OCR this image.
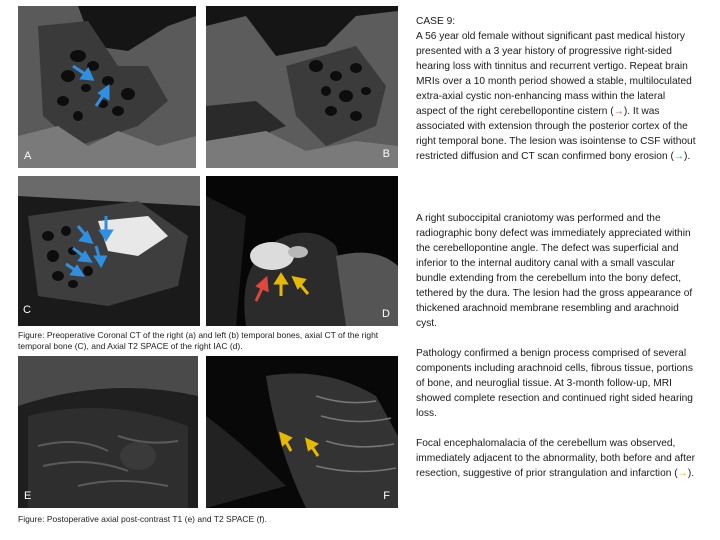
A	B
C	D
Figure: Preoperative Coronal CT of the right (a) and left (b) temporal bones, axial CT of the right temporal bone (C), and Axial T2 SPACE of the right IAC (d).
E	F
Figure: Postoperative axial post-contrast T1 (e) and T2 SPACE (f).

CASE 9:
A 56 year old female without significant past medical history presented with a 3 year history of progressive right-sided hearing loss with tinnitus and recurrent vertigo. Repeat brain MRIs over a 10 month period showed a stable, multiloculated extra-axial cystic non-enhancing mass within the lateral aspect of the right cerebellopontine cistern (→). It was associated with extension through the posterior cortex of the right temporal bone. The lesion was isointense to CSF without restricted diffusion and CT scan confirmed bony erosion (→).

A right suboccipital craniotomy was performed and the radiographic bony defect was immediately appreciated within the cerebellopontine angle. The defect was superficial and inferior to the internal auditory canal with a small vascular bundle extending from the cerebellum into the bony defect, tethered by the dura. The lesion had the gross appearance of thickened arachnoid membrane resembling and arachnoid cyst.
Pathology confirmed a benign process comprised of several components including arachnoid cells, fibrous tissue, portions of bone, and neuroglial tissue. At 3-month follow-up, MRI showed complete resection and continued right sided hearing loss.
Focal encephalomalacia of the cerebellum was observed, immediately adjacent to the abnormality, both before and after resection, suggestive of prior strangulation and infarction (→).
